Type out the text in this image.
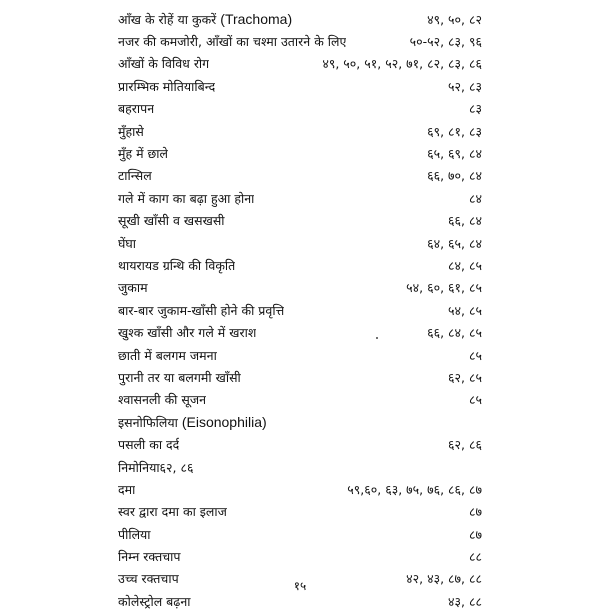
आँख के रोहें या कुकरें (Trachoma)	४९, ५०, ८२
नजर की कमजोरी, आँखों का चश्मा उतारने के लिए	५०-५२, ८३, ९६
आँखों के विविध रोग	४९, ५०, ५१, ५२, ७१, ८२, ८३, ८६
प्रारम्भिक मोतियाबिन्द	५२, ८३
बहरापन	८३
मुँहासे	६९, ८१, ८३
मुँह में छाले	६५, ६९, ८४
टान्सिल	६६, ७०, ८४
गले में काग का बढ़ा हुआ होना	८४
सूखी खाँसी व खसखसी	६६, ८४
घेंघा	६४, ६५, ८४
थायरायड ग्रन्थि की विकृति	८४, ८५
जुकाम	५४, ६०, ६१, ८५
बार-बार जुकाम-खाँसी होने की प्रवृत्ति	५४, ८५
खुश्क खाँसी और गले में खराश	६६, ८४, ८५
छाती में बलगम जमना	८५
पुरानी तर या बलगमी खाँसी	६२, ८५
श्वासनली की सूजन	८५
इसनोफिलिया (Eisonophilia)
पसली का दर्द	६२, ८६
निमोनिया६२, ८६
दमा	५९,६०, ६३, ७५, ७६, ८६, ८७
स्वर द्वारा दमा का इलाज	८७
पीलिया	८७
निम्न रक्तचाप	८८
उच्च रक्तचाप	४२, ४३, ८७, ८८
कोलेस्ट्रोल बढ़ना	४३, ८८
१५
